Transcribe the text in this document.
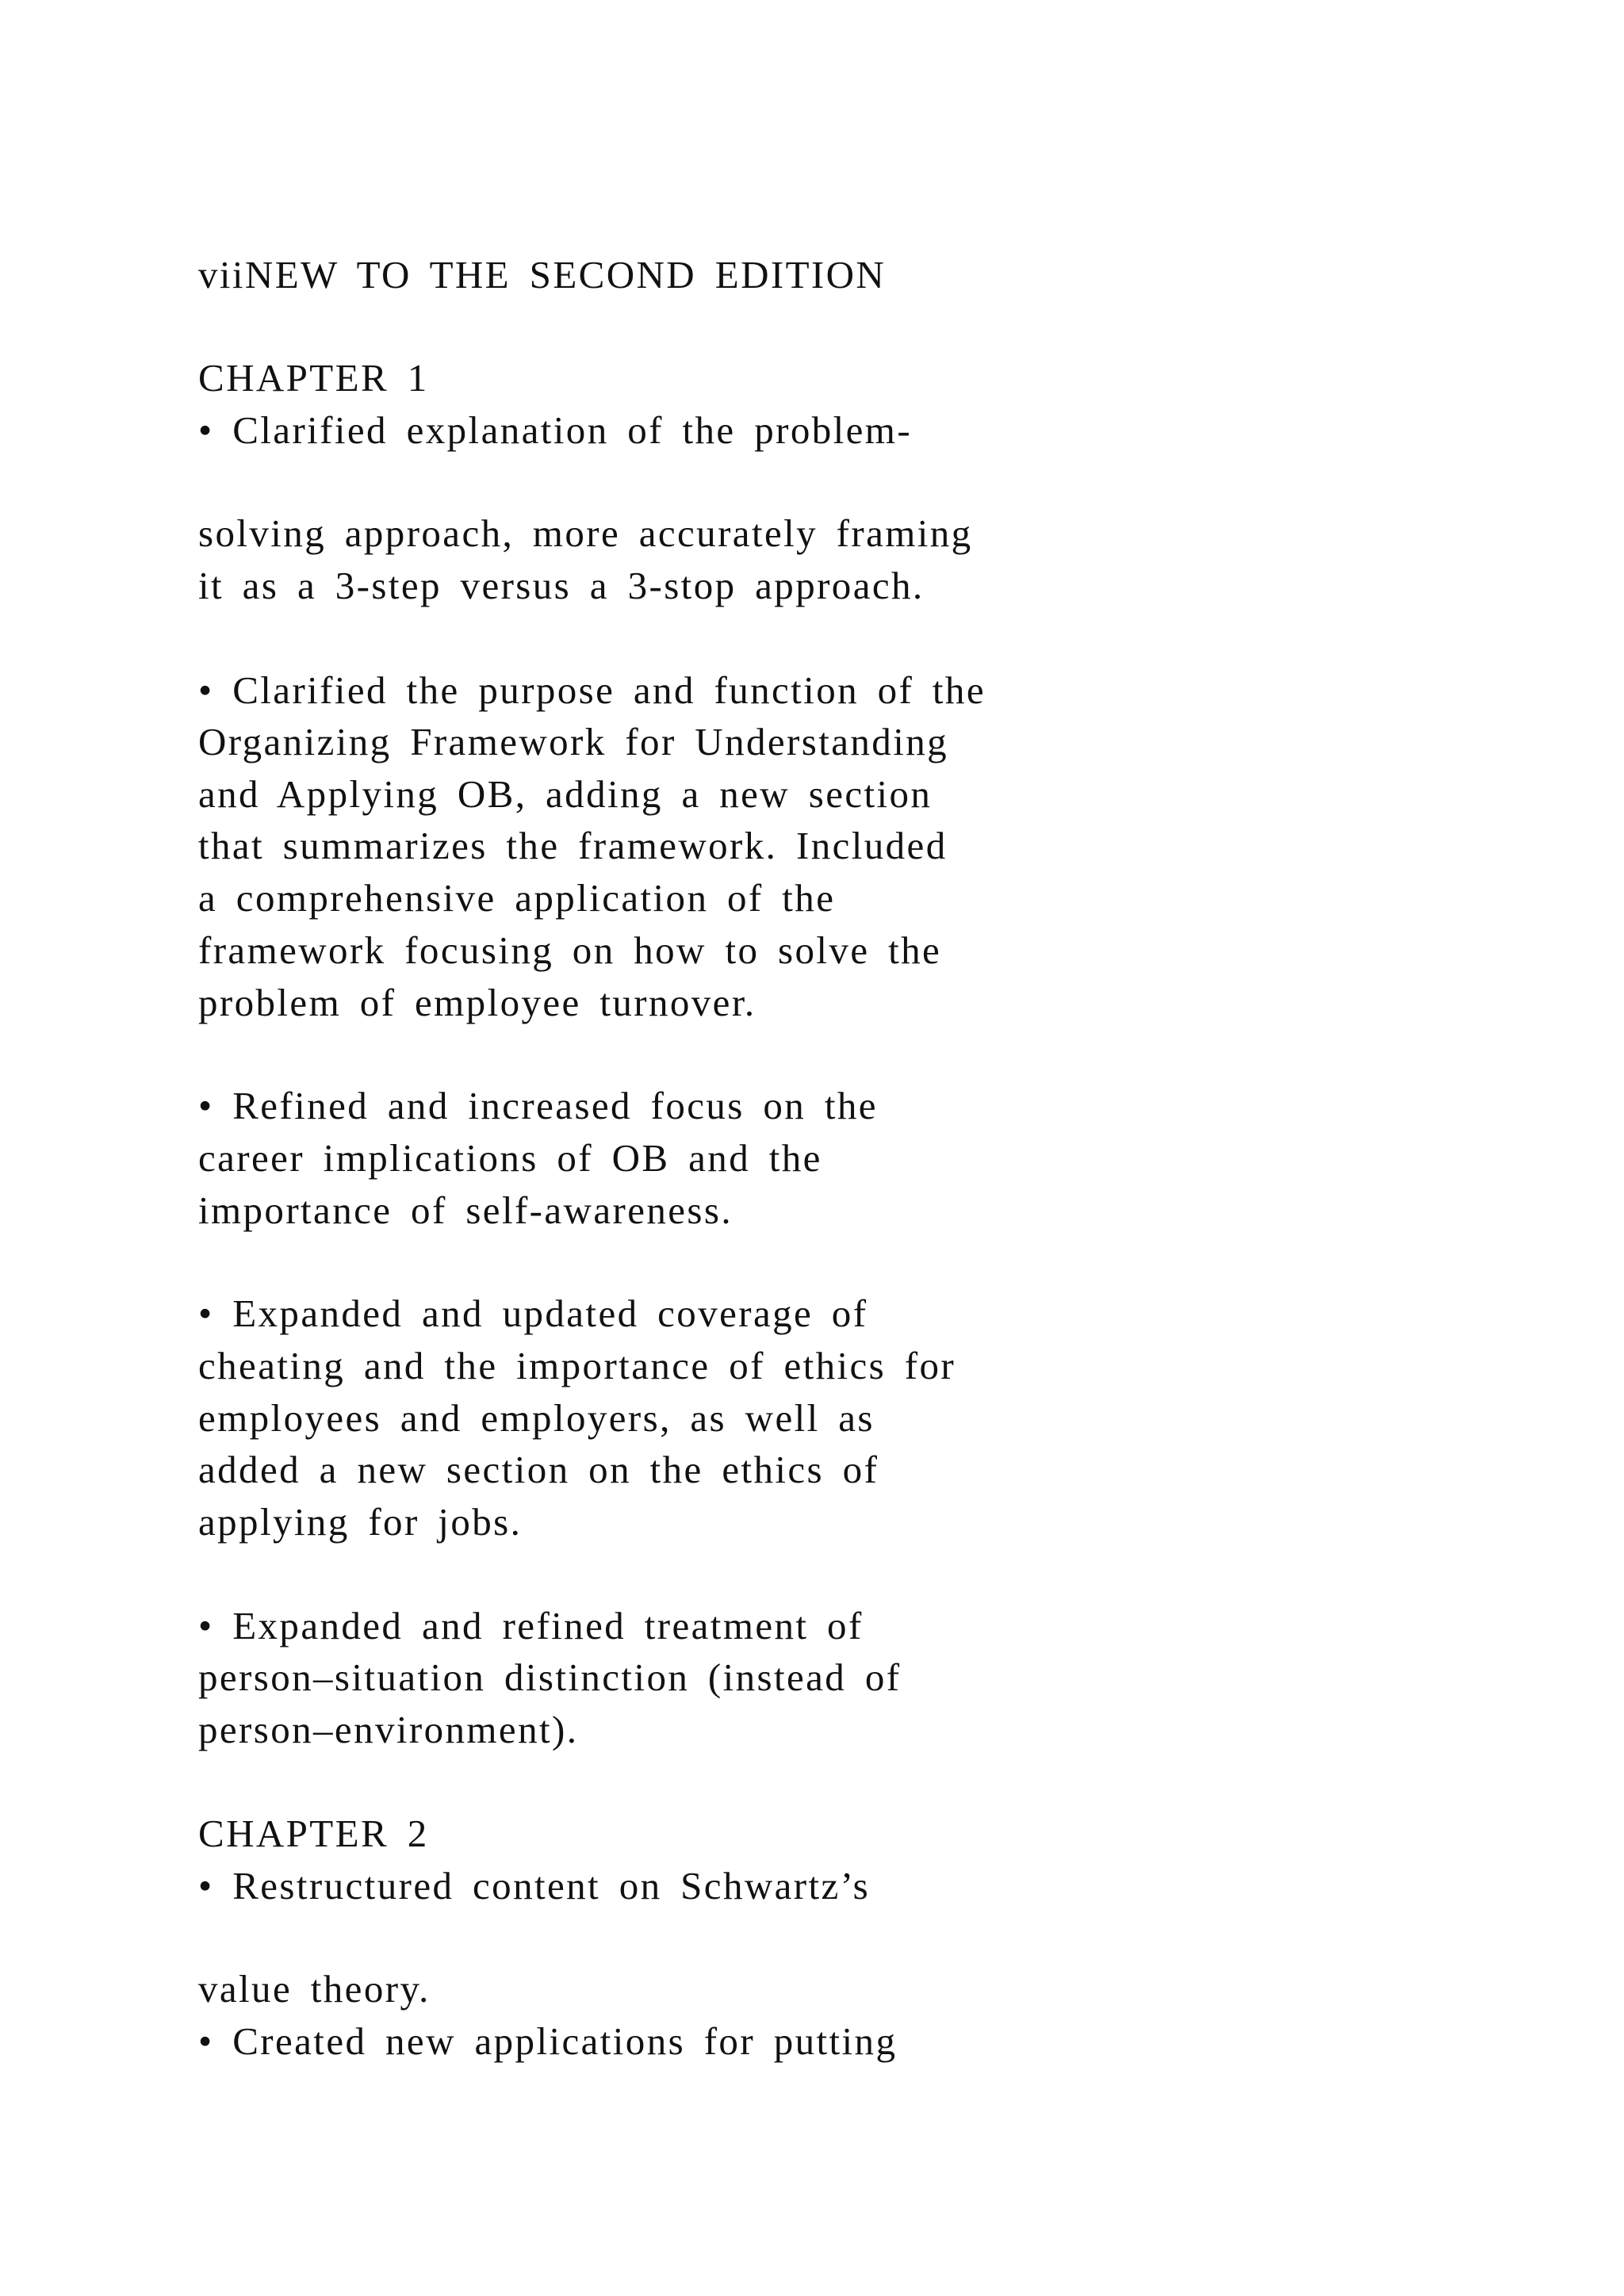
viiNEW TO THE SECOND EDITION
CHAPTER 1
• Clarified explanation of the problem-
solving approach, more accurately framing
it as a 3-step versus a 3-stop approach.
• Clarified the purpose and function of the
Organizing Framework for Understanding
and Applying OB, adding a new section
that summarizes the framework. Included
a comprehensive application of the
framework focusing on how to solve the
problem of employee turnover.
• Refined and increased focus on the
career implications of OB and the
importance of self-awareness.
• Expanded and updated coverage of
cheating and the importance of ethics for
employees and employers, as well as
added a new section on the ethics of
applying for jobs.
• Expanded and refined treatment of
person–situation distinction (instead of
person–environment).
CHAPTER 2
• Restructured content on Schwartz’s
value theory.
• Created new applications for putting
